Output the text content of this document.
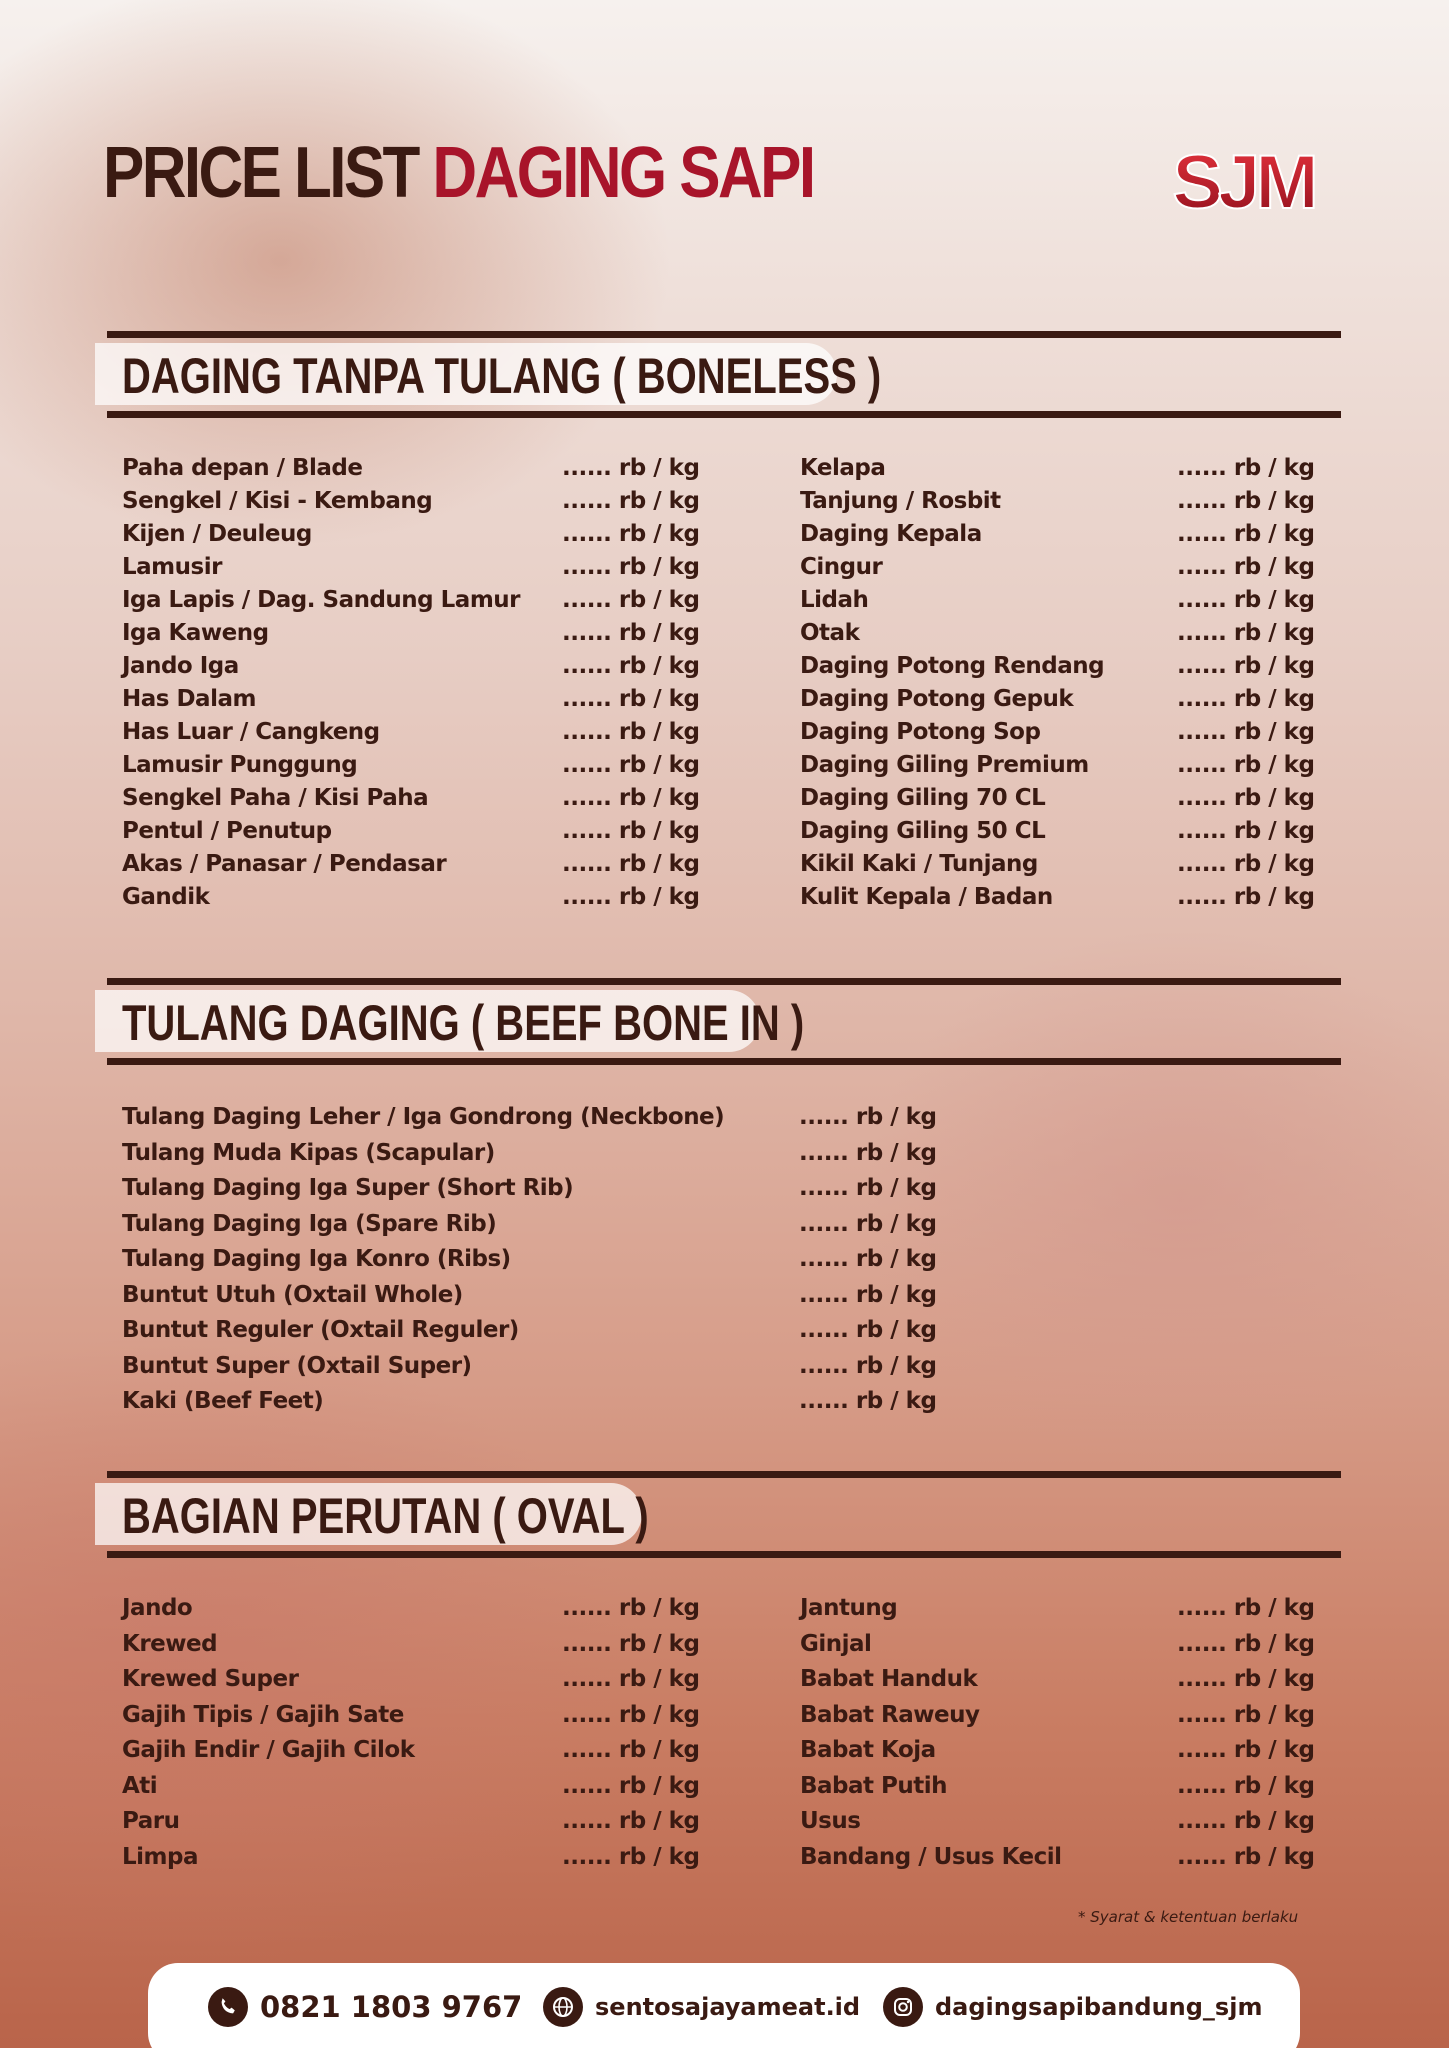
PRICE LIST DAGING SAPI	SJM
DAGING TANPA TULANG ( BONELESS )
Paha depan / Blade	...... rb / kg
Sengkel / Kisi - Kembang	...... rb / kg
Kijen / Deuleug	...... rb / kg
Lamusir	...... rb / kg
Iga Lapis / Dag. Sandung Lamur ...... rb / kg
Iga Kaweng	...... rb / kg
Jando Iga	...... rb / kg
Has Dalam	...... rb / kg
Has Luar / Cangkeng	...... rb / kg
Lamusir Punggung	...... rb / kg
Sengkel Paha / Kisi Paha	...... rb / kg
Pentul / Penutup	...... rb / kg
Akas / Panasar / Pendasar	...... rb / kg
Gandik	...... rb / kg
Kelapa	...... rb / kg
Tanjung / Rosbit	...... rb / kg
Daging Kepala	...... rb / kg
Cingur	...... rb / kg
Lidah	...... rb / kg
Otak	...... rb / kg
Daging Potong Rendang	...... rb / kg
Daging Potong Gepuk	...... rb / kg
Daging Potong Sop	...... rb / kg
Daging Giling Premium	...... rb / kg
Daging Giling 70 CL	...... rb / kg
Daging Giling 50 CL	...... rb / kg
Kikil Kaki / Tunjang	...... rb / kg
Kulit Kepala / Badan	...... rb / kg
TULANG DAGING ( BEEF BONE IN )
Tulang Daging Leher / Iga Gondrong (Neckbone)	...... rb / kg
Tulang Muda Kipas (Scapular)	...... rb / kg
Tulang Daging Iga Super (Short Rib)	...... rb / kg
Tulang Daging Iga (Spare Rib)	...... rb / kg
Tulang Daging Iga Konro (Ribs)	...... rb / kg
Buntut Utuh (Oxtail Whole)	...... rb / kg
Buntut Reguler (Oxtail Reguler)	...... rb / kg
Buntut Super (Oxtail Super)	...... rb / kg
Kaki (Beef Feet)	...... rb / kg
BAGIAN PERUTAN ( OVAL )
Jando	...... rb / kg
Krewed	...... rb / kg
Krewed Super	...... rb / kg
Gajih Tipis / Gajih Sate	...... rb / kg
Gajih Endir / Gajih Cilok	...... rb / kg
Ati	...... rb / kg
Paru	...... rb / kg
Limpa	...... rb / kg
Jantung	...... rb / kg
Ginjal	...... rb / kg
Babat Handuk	...... rb / kg
Babat Raweuy	...... rb / kg
Babat Koja	...... rb / kg
Babat Putih	...... rb / kg
Usus	...... rb / kg
Bandang / Usus Kecil	...... rb / kg
* Syarat & ketentuan berlaku
0821 1803 9767	sentosajayameat.id	dagingsapibandung_sjm
